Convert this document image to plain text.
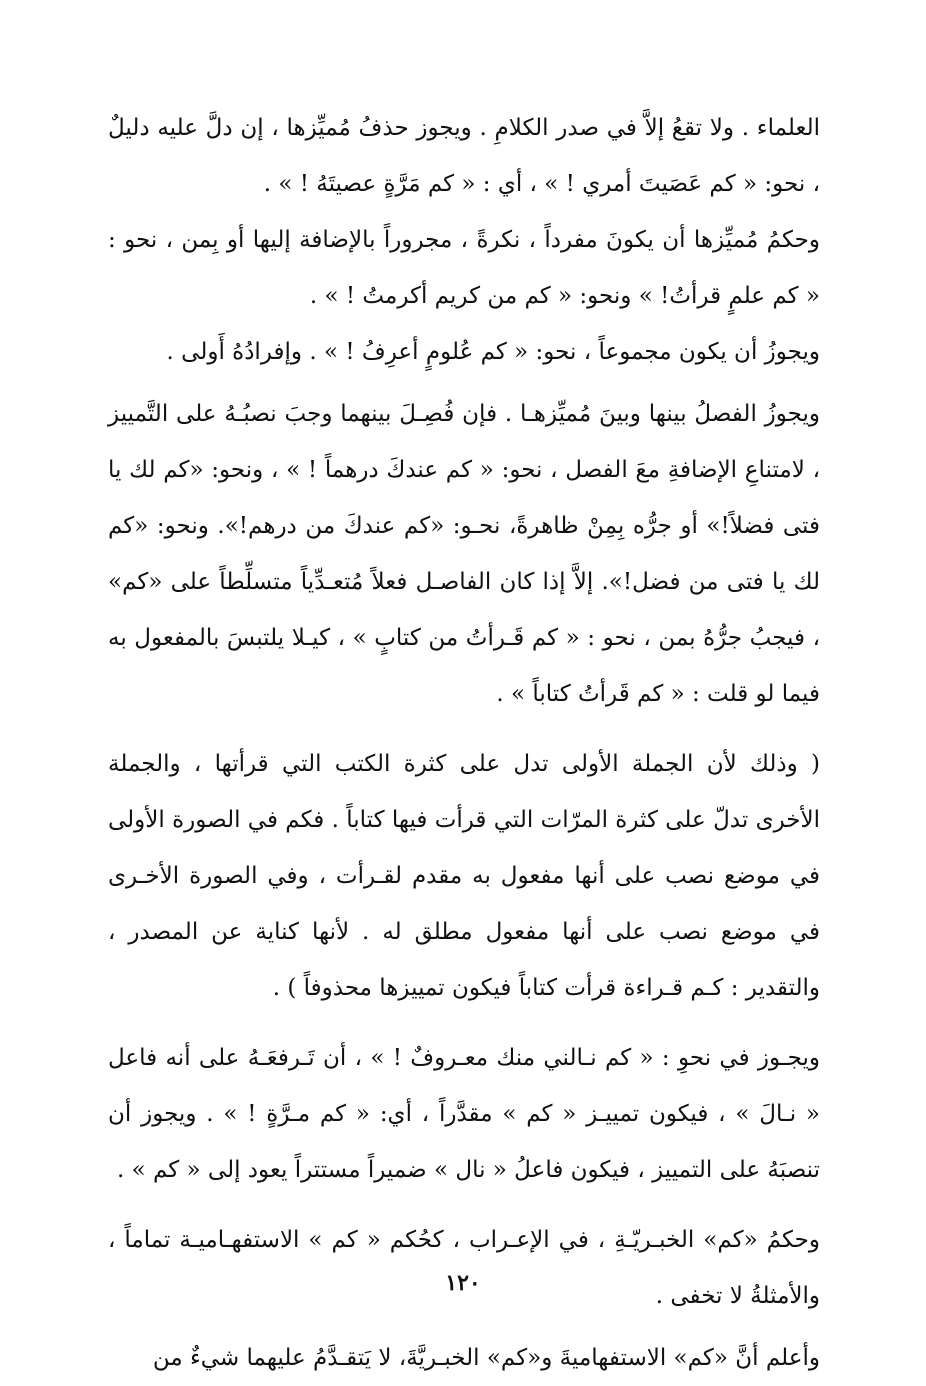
العلماء . ولا تقعُ إلاَّ في صدر الكلامِ . ويجوز حذفُ مُميِّزها ، إن دلَّ عليه دليلٌ ، نحو: « كم عَصَيتَ أمري ! » ، أي : « كم مَرَّةٍ عصيتَهُ ! » .

وحكمُ مُميِّزها أن يكونَ مفرداً ، نكرةً ، مجروراً بالإضافة إليها أو بِمن ، نحو : « كم علمٍ قرأتُ! » ونحو: « كم من كريم أكرمتُ ! » .

ويجوزُ أن يكون مجموعاً ، نحو: « كم عُلومٍ أعرِفُ ! » . وإفرادُهُ أَولى .

ويجوزُ الفصلُ بينها وبينَ مُميِّزهـا . فإن فُصِـلَ بينهما وجبَ نصبُـهُ على التَّمييز ، لامتناعِ الإضافةِ معَ الفصل ، نحو: « كم عندكَ درهماً ! » ، ونحو: «كم لك يا فتى فضلاً!» أو جرُّه بِمِنْ ظاهرةً، نحـو: «كم عندكَ من درهم!». ونحو: «كم لك يا فتى من فضل!». إلاَّ إذا كان الفاصـل فعلاً مُتعـدِّياً متسلِّطاً على «كم» ، فيجبُ جرُّهُ بمن ، نحو : « كم قَـرأتُ من كتابٍ » ، كيـلا يلتبسَ بالمفعول به فيما لو قلت : « كم قَرأتُ كتاباً » .

( وذلك لأن الجملة الأولى تدل على كثرة الكتب التي قرأتها ، والجملة الأخرى تدلّ على كثرة المرّات التي قرأت فيها كتاباً . فكم في الصورة الأولى في موضع نصب على أنها مفعول به مقدم لقـرأت ، وفي الصورة الأخـرى في موضع نصب على أنها مفعول مطلق له . لأنها كناية عن المصدر ، والتقدير : كـم قـراءة قرأت كتاباً فيكون تمييزها محذوفاً ) .

ويجـوز في نحوِ : « كم نـالني منك معـروفٌ ! » ، أن تَـرفعَـهُ على أنه فاعل « نـالَ » ، فيكون تمييـز « كم » مقدَّراً ، أي: « كم مـرَّةٍ ! » . ويجوز أن تنصبَهُ على التمييز ، فيكون فاعلُ « نال » ضميراً مستتراً يعود إلى « كم » .

وحكمُ «كم» الخبـريّـةِ ، في الإعـراب ، كحُكم « كم » الاستفهـاميـة تماماً ، والأمثلةُ لا تخفى .

وأعلم أنَّ «كم» الاستفهاميةَ و«كم» الخبـريَّةَ، لا يَتقـدَّمُ عليهما شيءٌ من

١٢٠
